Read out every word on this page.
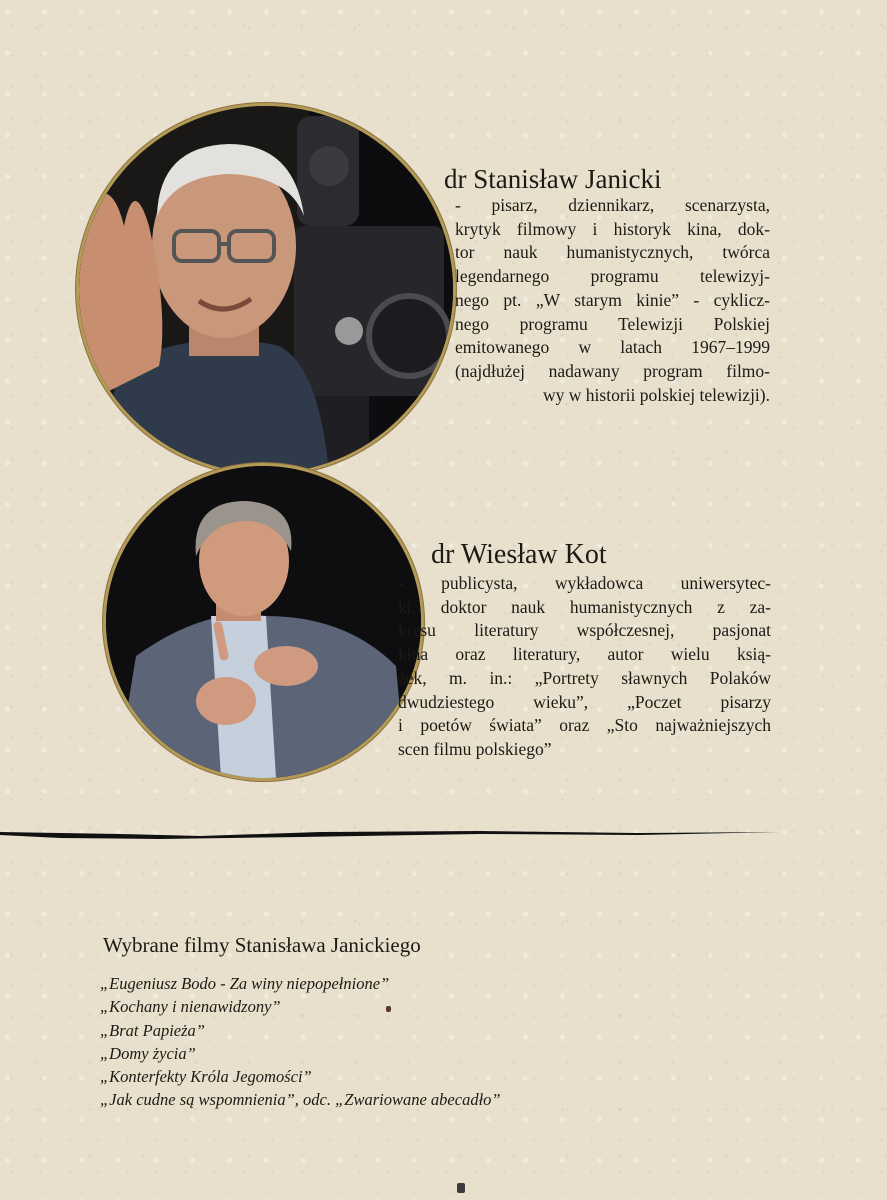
dr Stanisław Janicki
- pisarz, dziennikarz, scenarzysta,
krytyk filmowy i historyk kina, dok-
tor nauk humanistycznych, twórca
legendarnego programu telewizyj-
nego pt. „W starym kinie” - cyklicz-
nego programu Telewizji Polskiej
emitowanego w latach 1967–1999
(najdłużej nadawany program filmo-
wy w historii polskiej telewizji).
dr Wiesław Kot
- publicysta, wykładowca uniwersytec-
ki, doktor nauk humanistycznych z za-
kresu literatury współczesnej, pasjonat
kina oraz literatury, autor wielu ksią-
żek, m. in.: „Portrety sławnych Polaków
dwudziestego wieku”, „Poczet pisarzy
i poetów świata” oraz „Sto najważniejszych
scen filmu polskiego”
Wybrane filmy Stanisława Janickiego
„Eugeniusz Bodo - Za winy niepopełnione”
„Kochany i nienawidzony”
„Brat Papieża”
„Domy życia”
„Konterfekty Króla Jegomości”
„Jak cudne są wspomnienia”, odc. „Zwariowane abecadło”
